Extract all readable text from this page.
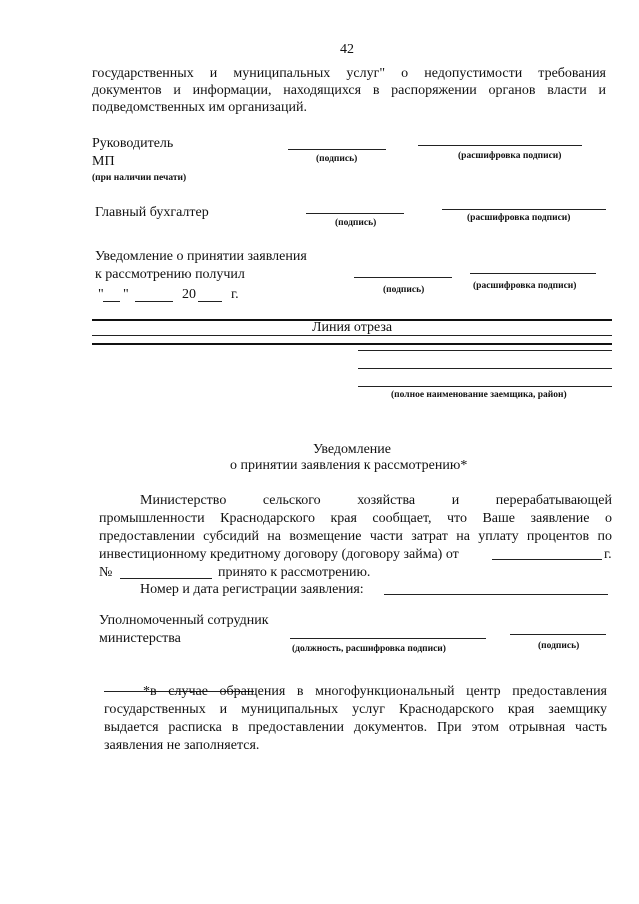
42
государственных и муниципальных услуг" о недопустимости требования
документов и информации, находящихся в распоряжении органов власти и
подведомственных им организаций.
Руководитель
МП
(при наличии печати)
(подпись)	(расшифровка подписи)
Главный бухгалтер
(подпись)	(расшифровка подписи)
Уведомление о принятии заявления
к рассмотрению получил
" "	20	г.	(подпись)	(расшифровка подписи)
Линия отреза
(полное наименование заемщика, район)
Уведомление
о принятии заявления к рассмотрению*
Министерство	сельского	хозяйства	и	перерабатывающей
промышленности Краснодарского края сообщает, что Ваше заявление о
предоставлении субсидий на возмещение части затрат на уплату процентов по
инвестиционному кредитному договору (договору займа) от	г.
№	принято к рассмотрению.
Номер и дата регистрации заявления:
Уполномоченный сотрудник
министерства
(должность, расшифровка подписи)	(подпись)
*в случае обращения в многофункциональный центр предоставления
государственных и муниципальных услуг Краснодарского края заемщику
выдается расписка в предоставлении документов. При этом отрывная часть
заявления не заполняется.
